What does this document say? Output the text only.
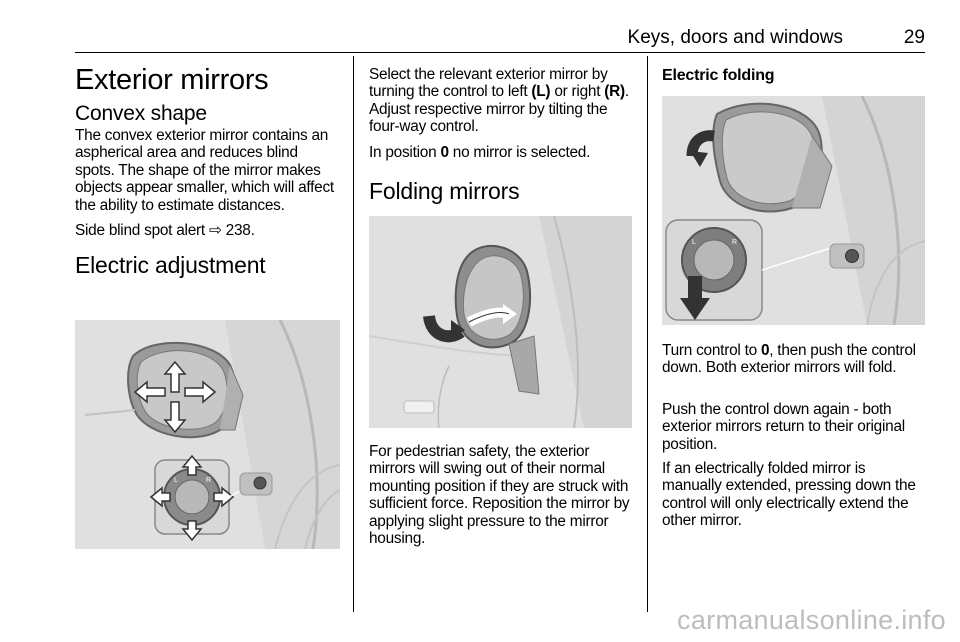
Keys, doors and windows	29
Exterior mirrors
Convex shape

The convex exterior mirror contains an aspherical area and reduces blind spots. The shape of the mirror makes objects appear smaller, which will affect the ability to estimate distances.

Side blind spot alert ⇨ 238.

Electric adjustment
L	R

Select the relevant exterior mirror by turning the control to left (L) or right (R). Adjust respective mirror by tilting the four-way control.

In position 0 no mirror is selected.

Folding mirrors

For pedestrian safety, the exterior mirrors will swing out of their normal mounting position if they are struck with sufficient force. Reposition the mirror by applying slight pressure to the mirror housing.

Electric folding
L	R

Turn control to 0, then push the control down. Both exterior mirrors will fold.

Push the control down again - both exterior mirrors return to their original position.

If an electrically folded mirror is manually extended, pressing down the control will only electrically extend the other mirror.

carmanualsonline.info
